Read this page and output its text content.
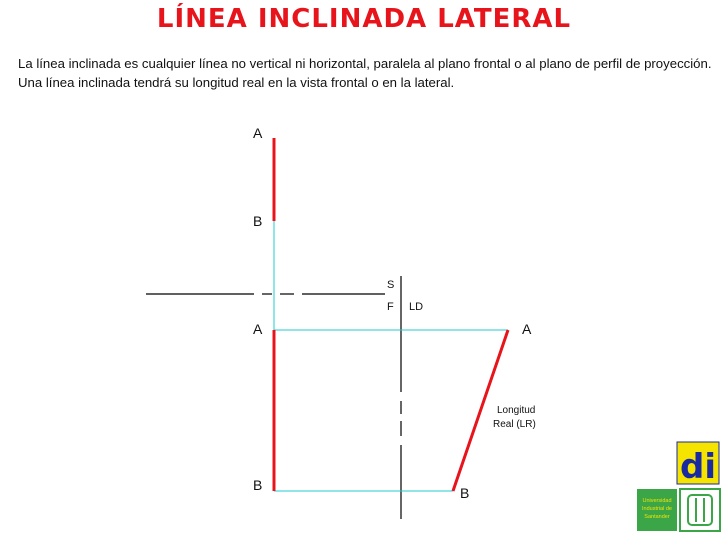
LÍNEA INCLINADA LATERAL
La línea inclinada es cualquier línea no vertical ni horizontal, paralela al plano frontal o al plano de perfil de proyección. Una línea inclinada tendrá su longitud real en la vista frontal o en la lateral.
A
B
A
B
A
B
S
F LD
Longitud
Real (LR)
di
Universidad
Industrial de
Santander
